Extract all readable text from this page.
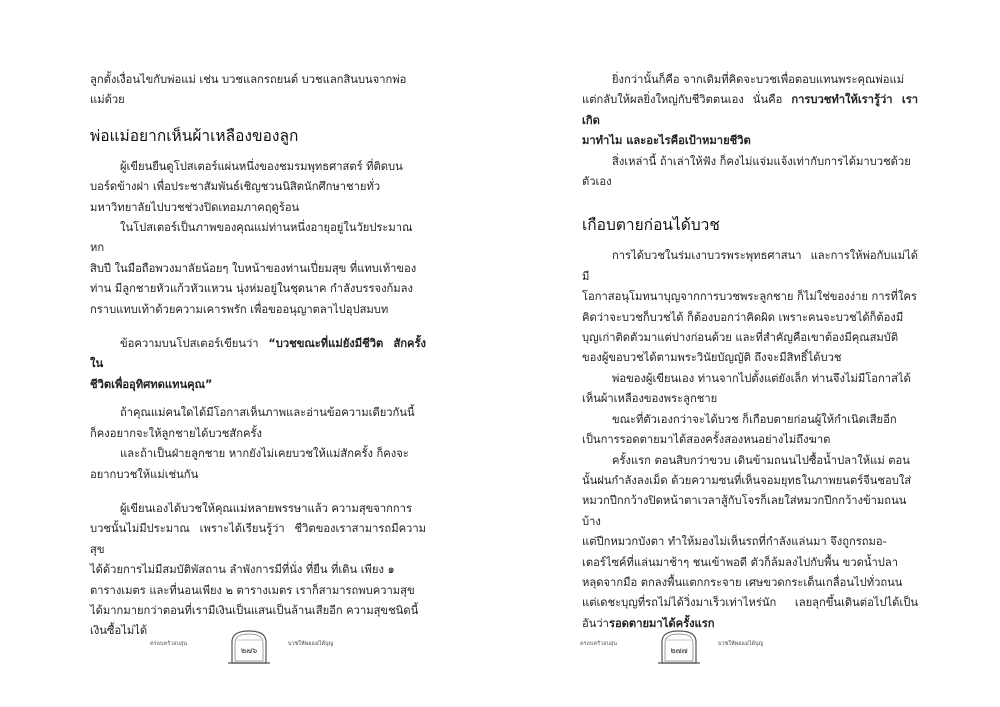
ลูกตั้งเงื่อนไขกับพ่อแม่ เช่น บวชแลกรถยนต์ บวชแลกสินบนจากพ่อ
แม่ด้วย

พ่อแม่อยากเห็นผ้าเหลืองของลูก

ผู้เขียนยืนดูโปสเตอร์แผ่นหนึ่งของชมรมพุทธศาสตร์ ที่ติดบน
บอร์ดข้างฝา เพื่อประชาสัมพันธ์เชิญชวนนิสิตนักศึกษาชายทั่ว
มหาวิทยาลัยไปบวชช่วงปิดเทอมภาคฤดูร้อน

ในโปสเตอร์เป็นภาพของคุณแม่ท่านหนึ่งอายุอยู่ในวัยประมาณหก
สิบปี ในมือถือพวงมาลัยน้อยๆ ใบหน้าของท่านเปี่ยมสุข ที่แทบเท้าของ
ท่าน มีลูกชายหัวแก้วหัวแหวน นุ่งห่มอยู่ในชุดนาค กำลังบรรจงก้มลง
กราบแทบเท้าด้วยความเคารพรัก เพื่อขออนุญาตลาไปอุปสมบท

ข้อความบนโปสเตอร์เขียนว่า “บวชขณะที่แม่ยังมีชีวิต สักครั้งใน
ชีวิตเพื่ออุทิศทดแทนคุณ”

ถ้าคุณแม่คนใดได้มีโอกาสเห็นภาพและอ่านข้อความเดียวกันนี้
ก็คงอยากจะให้ลูกชายได้บวชสักครั้ง

และถ้าเป็นฝ่ายลูกชาย หากยังไม่เคยบวชให้แม่สักครั้ง ก็คงจะ
อยากบวชให้แม่เช่นกัน

ผู้เขียนเองได้บวชให้คุณแม่หลายพรรษาแล้ว ความสุขจากการ
บวชนั้นไม่มีประมาณ เพราะได้เรียนรู้ว่า ชีวิตของเราสามารถมีความสุข
ได้ด้วยการไม่มีสมบัติพัสถาน ลำพังการมีที่นั่ง ที่ยืน ที่เดิน เพียง ๑
ตารางเมตร และที่นอนเพียง ๒ ตารางเมตร เราก็สามารถพบความสุข
ได้มากมายกว่าตอนที่เรามีเงินเป็นแสนเป็นล้านเสียอีก ความสุขชนิดนี้
เงินซื้อไม่ได้

ครอบครัวอบอุ่น
๒๗๖
บวชให้พ่อแม่ได้บุญ

ยิ่งกว่านั้นก็คือ จากเดิมที่คิดจะบวชเพื่อตอบแทนพระคุณพ่อแม่
แต่กลับให้ผลยิ่งใหญ่กับชีวิตตนเอง นั่นคือ การบวชทำให้เรารู้ว่า เราเกิด
มาทำไม และอะไรคือเป้าหมายชีวิต

สิ่งเหล่านี้ ถ้าเล่าให้ฟัง ก็คงไม่แจ่มแจ้งเท่ากับการได้มาบวชด้วย
ตัวเอง

เกือบตายก่อนได้บวช

การได้บวชในร่มเงาบวรพระพุทธศาสนา และการให้พ่อกับแม่ได้มี
โอกาสอนุโมทนาบุญจากการบวชพระลูกชาย ก็ไม่ใช่ของง่าย การที่ใคร
คิดว่าจะบวชก็บวชได้ ก็ต้องบอกว่าคิดผิด เพราะคนจะบวชได้ก็ต้องมี
บุญเก่าติดตัวมาแต่ปางก่อนด้วย และที่สำคัญคือเขาต้องมีคุณสมบัติ
ของผู้ขอบวชได้ตามพระวินัยบัญญัติ ถึงจะมีสิทธิ์ได้บวช

พ่อของผู้เขียนเอง ท่านจากไปตั้งแต่ยังเล็ก ท่านจึงไม่มีโอกาสได้
เห็นผ้าเหลืองของพระลูกชาย

ขณะที่ตัวเองกว่าจะได้บวช ก็เกือบตายก่อนผู้ให้กำเนิดเสียอีก
เป็นการรอดตายมาได้สองครั้งสองหนอย่างไม่ถึงฆาต

ครั้งแรก ตอนสิบกว่าขวบ เดินข้ามถนนไปซื้อน้ำปลาให้แม่ ตอน
นั้นฝนกำลังลงเม็ด ด้วยความซนที่เห็นจอมยุทธในภาพยนตร์จีนชอบใส่
หมวกปีกกว้างปิดหน้าตาเวลาสู้กับโจรก็เลยใส่หมวกปีกกว้างข้ามถนนบ้าง
แต่ปีกหมวกบังตา ทำให้มองไม่เห็นรถที่กำลังแล่นมา จึงถูกรถมอ-
เตอร์ไซค์ที่แล่นมาช้าๆ ชนเข้าพอดี ตัวก็ล้มลงไปกับพื้น ขวดน้ำปลา
หลุดจากมือ ตกลงพื้นแตกกระจาย เศษขวดกระเด็นเกลื่อนไปทั่วถนน
แต่เดชะบุญที่รถไม่ได้วิ่งมาเร็วเท่าไหร่นัก เลยลุกขึ้นเดินต่อไปได้เป็นอันว่ารอดตายมาได้ครั้งแรก

ครอบครัวอบอุ่น
๒๗๗
บวชให้พ่อแม่ได้บุญ
